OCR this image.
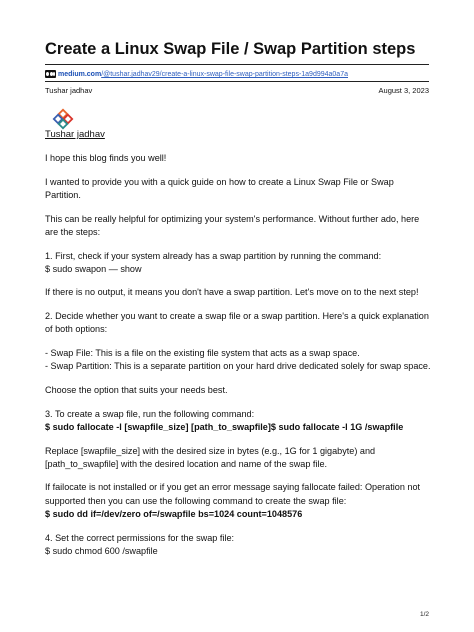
Create a Linux Swap File / Swap Partition steps
medium.com/@tushar.jadhav29/create-a-linux-swap-file-swap-partition-steps-1a9d994a0a7a
Tushar jadhav	August 3, 2023
Tushar jadhav

I hope this blog finds you well!

I wanted to provide you with a quick guide on how to create a Linux Swap File or Swap Partition.

This can be really helpful for optimizing your system's performance. Without further ado, here are the steps:

1. First, check if your system already has a swap partition by running the command:
$ sudo swapon — show

If there is no output, it means you don't have a swap partition. Let's move on to the next step!

2. Decide whether you want to create a swap file or a swap partition. Here's a quick explanation of both options:

- Swap File: This is a file on the existing file system that acts as a swap space.
- Swap Partition: This is a separate partition on your hard drive dedicated solely for swap space.

Choose the option that suits your needs best.

3. To create a swap file, run the following command:
$ sudo fallocate -l [swapfile_size] [path_to_swapfile]$ sudo fallocate -l 1G /swapfile

Replace [swapfile_size] with the desired size in bytes (e.g., 1G for 1 gigabyte) and [path_to_swapfile] with the desired location and name of the swap file.

If failocate is not installed or if you get an error message saying fallocate failed: Operation not supported then you can use the following command to create the swap file:
$ sudo dd if=/dev/zero of=/swapfile bs=1024 count=1048576

4. Set the correct permissions for the swap file:
$ sudo chmod 600 /swapfile

1/2
